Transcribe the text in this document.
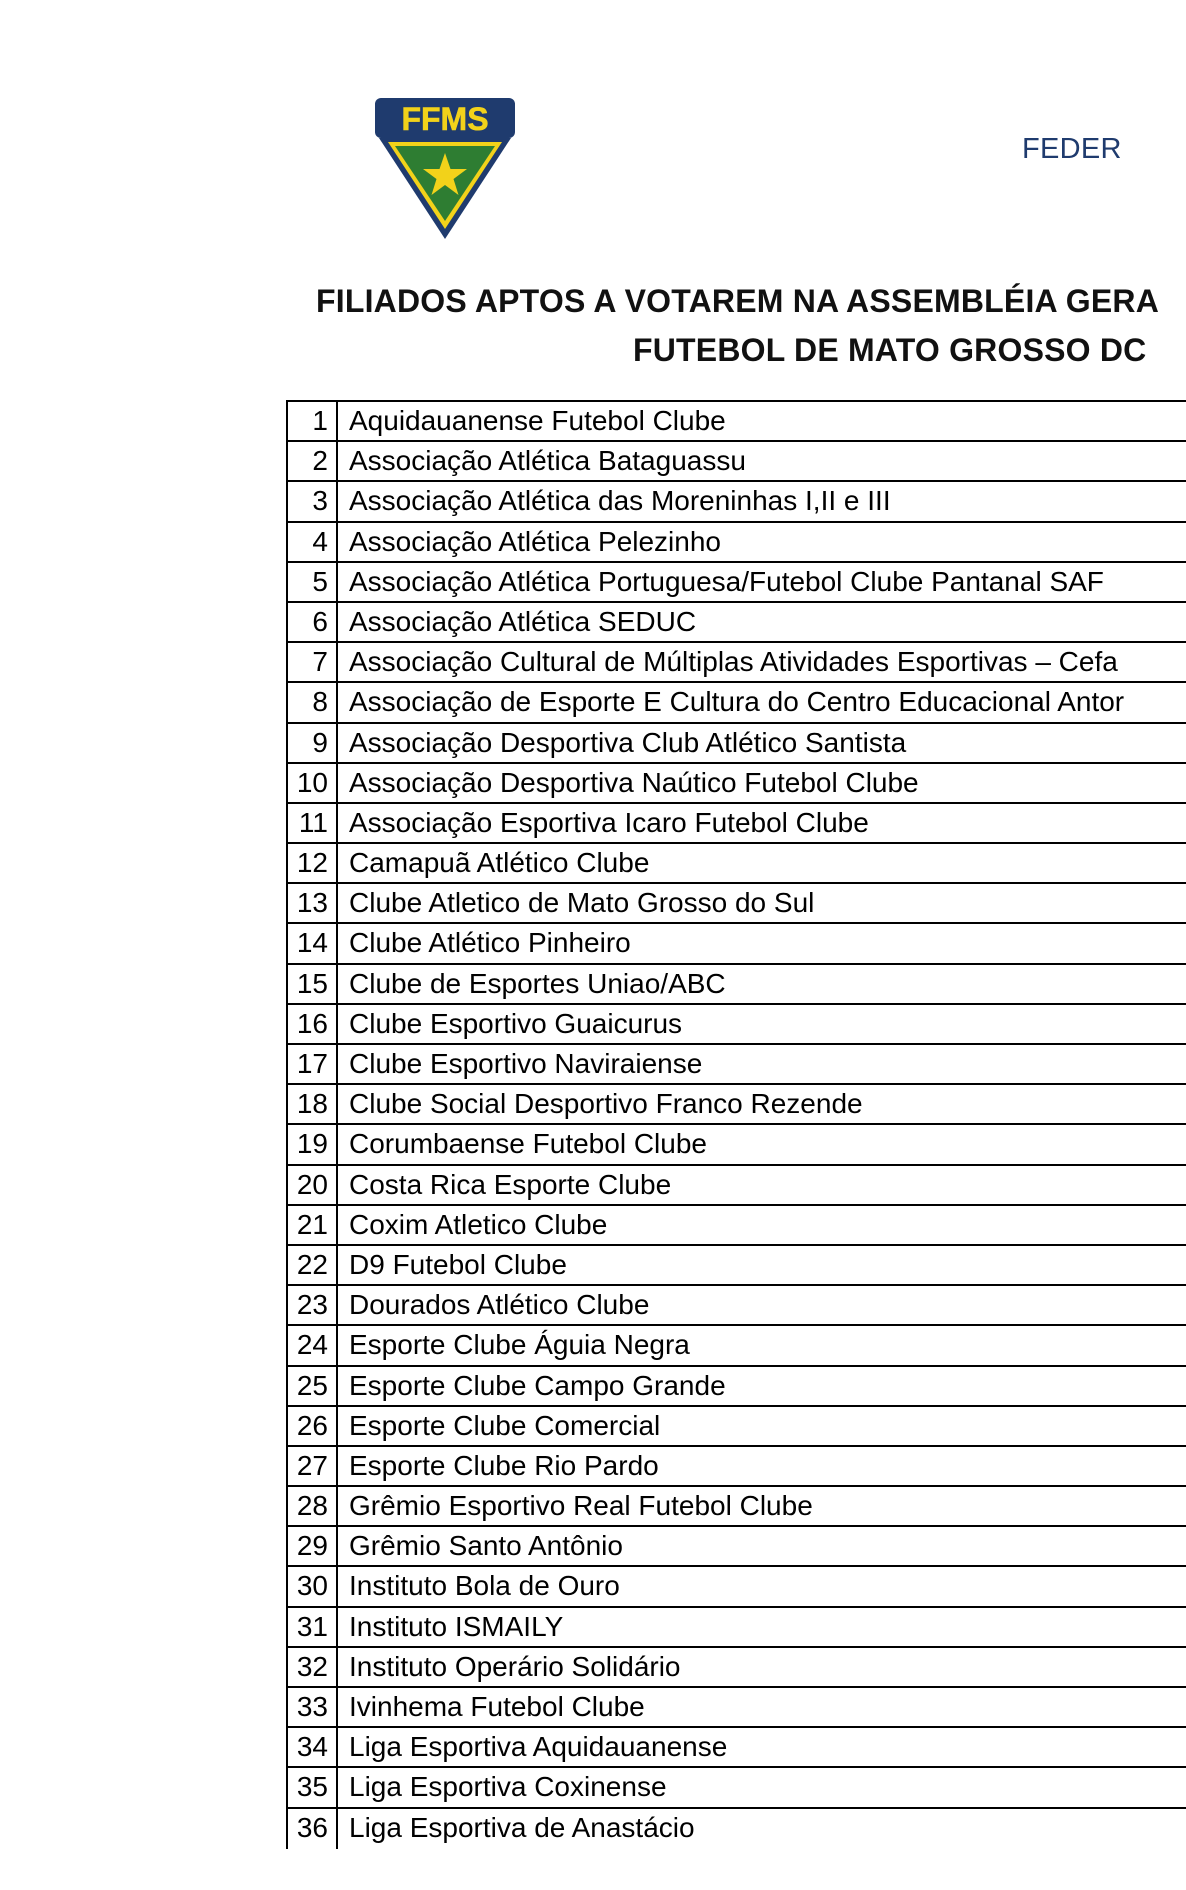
FFMS
FEDER
FILIADOS APTOS A VOTAREM NA ASSEMBLÉIA GERA
FUTEBOL DE MATO GROSSO DC
1 Aquidauanense Futebol Clube
2 Associação Atlética Bataguassu
3 Associação Atlética das Moreninhas I,II e III
4 Associação Atlética Pelezinho
5 Associação Atlética Portuguesa/Futebol Clube Pantanal SAF
6 Associação Atlética SEDUC
7 Associação Cultural de Múltiplas Atividades Esportivas – Cefa
8 Associação de Esporte E Cultura do Centro Educacional Antor
9 Associação Desportiva Club Atlético Santista
10 Associação Desportiva Naútico Futebol Clube
11 Associação Esportiva Icaro Futebol Clube
12 Camapuã Atlético Clube
13 Clube Atletico de Mato Grosso do Sul
14 Clube Atlético Pinheiro
15 Clube de Esportes Uniao/ABC
16 Clube Esportivo Guaicurus
17 Clube Esportivo Naviraiense
18 Clube Social Desportivo Franco Rezende
19 Corumbaense Futebol Clube
20 Costa Rica Esporte Clube
21 Coxim Atletico Clube
22 D9 Futebol Clube
23 Dourados Atlético Clube
24 Esporte Clube Águia Negra
25 Esporte Clube Campo Grande
26 Esporte Clube Comercial
27 Esporte Clube Rio Pardo
28 Grêmio Esportivo Real Futebol Clube
29 Grêmio Santo Antônio
30 Instituto Bola de Ouro
31 Instituto ISMAILY
32 Instituto Operário Solidário
33 Ivinhema Futebol Clube
34 Liga Esportiva Aquidauanense
35 Liga Esportiva Coxinense
36 Liga Esportiva de Anastácio
